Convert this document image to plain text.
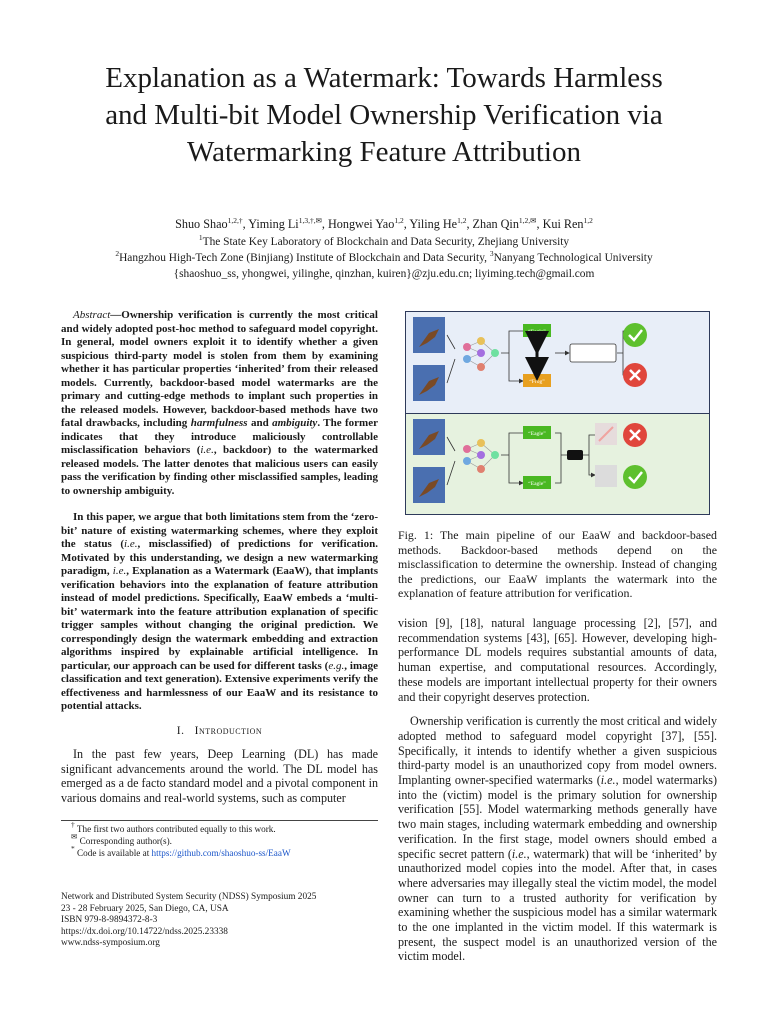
Explanation as a Watermark: Towards Harmless
and Multi-bit Model Ownership Verification via
Watermarking Feature Attribution
Shuo Shao$^{1,2,\dagger}$, Yiming $Li^{1,3,\dagger,✉}$, Hongwei Yao$^{1,2}$, Yiling He$^{1,2}$, Zhan Qin$^{1,2,✉}$, Kui Ren$^{1,2}$
$^1$The State Key Laboratory of Blockchain and Data Security, Zhejiang University
$^2$Hangzhou High-Tech Zone (Binjiang) Institute of Blockchain and Data Security, $^3$Nanyang Technological University
{shaoshuo_ss, yhongwei, yilinghe, qinzhan, kuiren}@zju.edu.cn; liyiming.tech@gmail.com

Abstract—Ownership verification is currently the most critical and widely adopted post-hoc method to safeguard model copyright. In general, model owners exploit it to identify whether a given suspicious third-party model is stolen from them by examining whether it has particular properties ‘inherited’ from their released models. Currently, backdoor-based model watermarks are the primary and cutting-edge methods to implant such properties in the released models. However, backdoor-based methods have two fatal drawbacks, including harmfulness and ambiguity. The former indicates that they introduce maliciously controllable misclassification behaviors (i.e., backdoor) to the watermarked released models. The latter denotes that malicious users can easily pass the verification by finding other misclassified samples, leading to ownership ambiguity.

In this paper, we argue that both limitations stem from the ‘zero-bit’ nature of existing watermarking schemes, where they exploit the status (i.e., misclassified) of predictions for verification. Motivated by this understanding, we design a new watermarking paradigm, i.e., Explanation as a Watermark (EaaW), that implants verification behaviors into the explanation of feature attribution instead of model predictions. Specifically, EaaW embeds a ‘multi-bit’ watermark into the feature attribution explanation of specific trigger samples without changing the original prediction. We correspondingly design the watermark embedding and extraction algorithms inspired by explainable artificial intelligence. In particular, our approach can be used for different tasks (e.g., image classification and text generation). Extensive experiments verify the effectiveness and harmlessness of our EaaW and its resistance to potential attacks.

I. Introduction

In the past few years, Deep Learning (DL) has made significant advancements around the world. The DL model has emerged as a de facto standard model and a pivotal component in various domains and real-world systems, such as computer

† The first two authors contributed equally to this work.
✉ Corresponding author(s).
* Code is available at https://github.com/shaoshuo-ss/EaaW
Network and Distributed System Security (NDSS) Symposium 2025
23 - 28 February 2025, San Diego, CA, USA
ISBN 979-8-9894372-8-3
https://dx.doi.org/10.14722/ndss.2025.23338
www.ndss-symposium.org
“Eagle”
“Frog”
“Eagle”
“Eagle”
Fig. 1: The main pipeline of our EaaW and backdoor-based methods. Backdoor-based methods depend on the misclassification to determine the ownership. Instead of changing the predictions, our EaaW implants the watermark into the explanation of feature attribution for verification.

vision [9], [18], natural language processing [2], [57], and recommendation systems [43], [65]. However, developing high-performance DL models requires substantial amounts of data, human expertise, and computational resources. Accordingly, these models are important intellectual property for their owners and their copyright deserves protection.

Ownership verification is currently the most critical and widely adopted method to safeguard model copyright [37], [55]. Specifically, it intends to identify whether a given suspicious third-party model is an unauthorized copy from model owners. Implanting owner-specified watermarks (i.e., model watermarks) into the (victim) model is the primary solution for ownership verification [55]. Model watermarking methods generally have two main stages, including watermark embedding and ownership verification. In the first stage, model owners should embed a specific secret pattern (i.e., watermark) that will be ‘inherited’ by unauthorized model copies into the model. After that, in cases where adversaries may illegally steal the victim model, the model owner can turn to a trusted authority for verification by examining whether the suspicious model has a similar watermark to the one implanted in the victim model. If this watermark is present, the suspect model is an unauthorized version of the victim model.
